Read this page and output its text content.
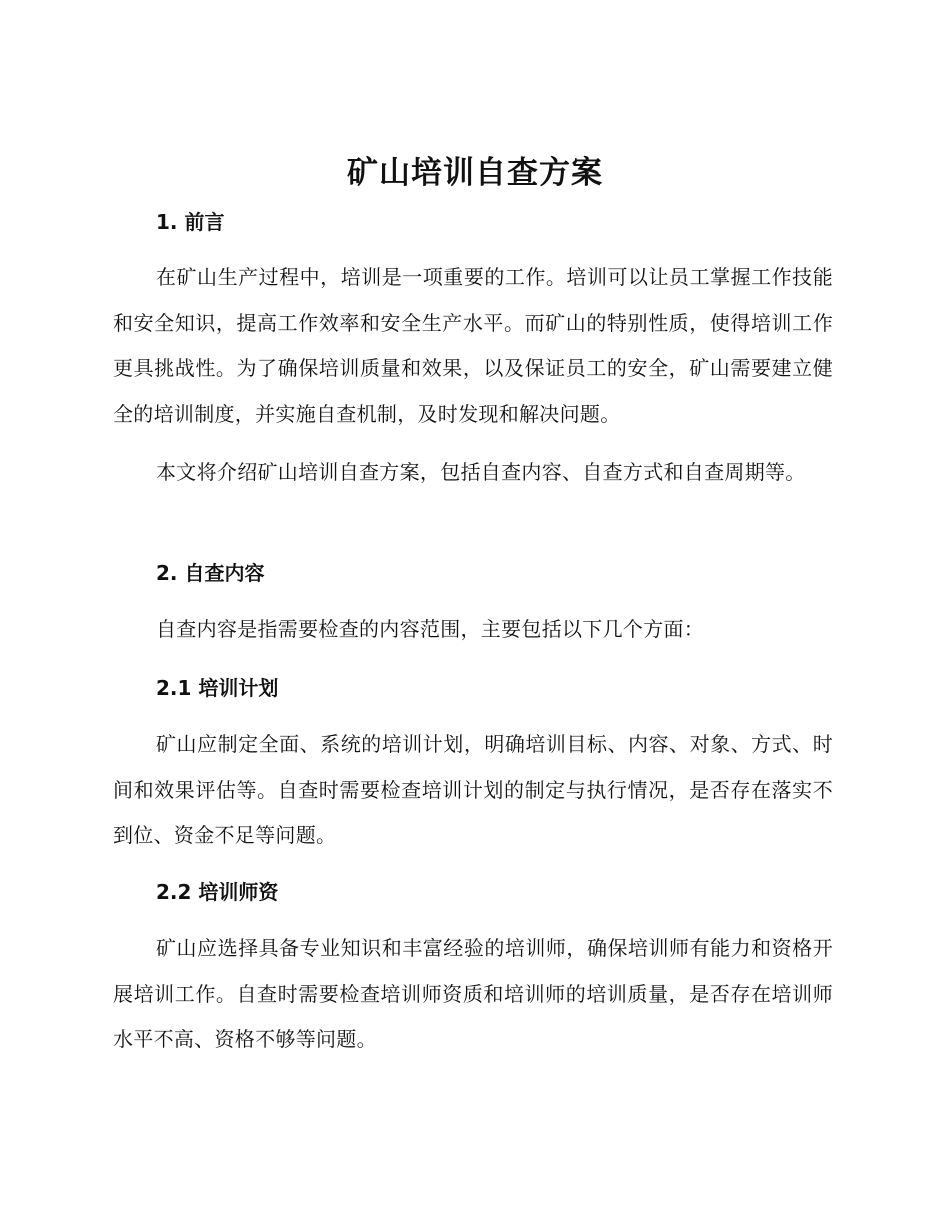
矿山培训自查方案
1. 前言
在矿山生产过程中，培训是一项重要的工作。培训可以让员工掌握工作技能和安全知识，提高工作效率和安全生产水平。而矿山的特别性质，使得培训工作更具挑战性。为了确保培训质量和效果，以及保证员工的安全，矿山需要建立健全的培训制度，并实施自查机制，及时发现和解决问题。
本文将介绍矿山培训自查方案，包括自查内容、自查方式和自查周期等。
2. 自查内容
自查内容是指需要检查的内容范围，主要包括以下几个方面：
2.1 培训计划
矿山应制定全面、系统的培训计划，明确培训目标、内容、对象、方式、时间和效果评估等。自查时需要检查培训计划的制定与执行情况，是否存在落实不到位、资金不足等问题。
2.2 培训师资
矿山应选择具备专业知识和丰富经验的培训师，确保培训师有能力和资格开展培训工作。自查时需要检查培训师资质和培训师的培训质量，是否存在培训师水平不高、资格不够等问题。
